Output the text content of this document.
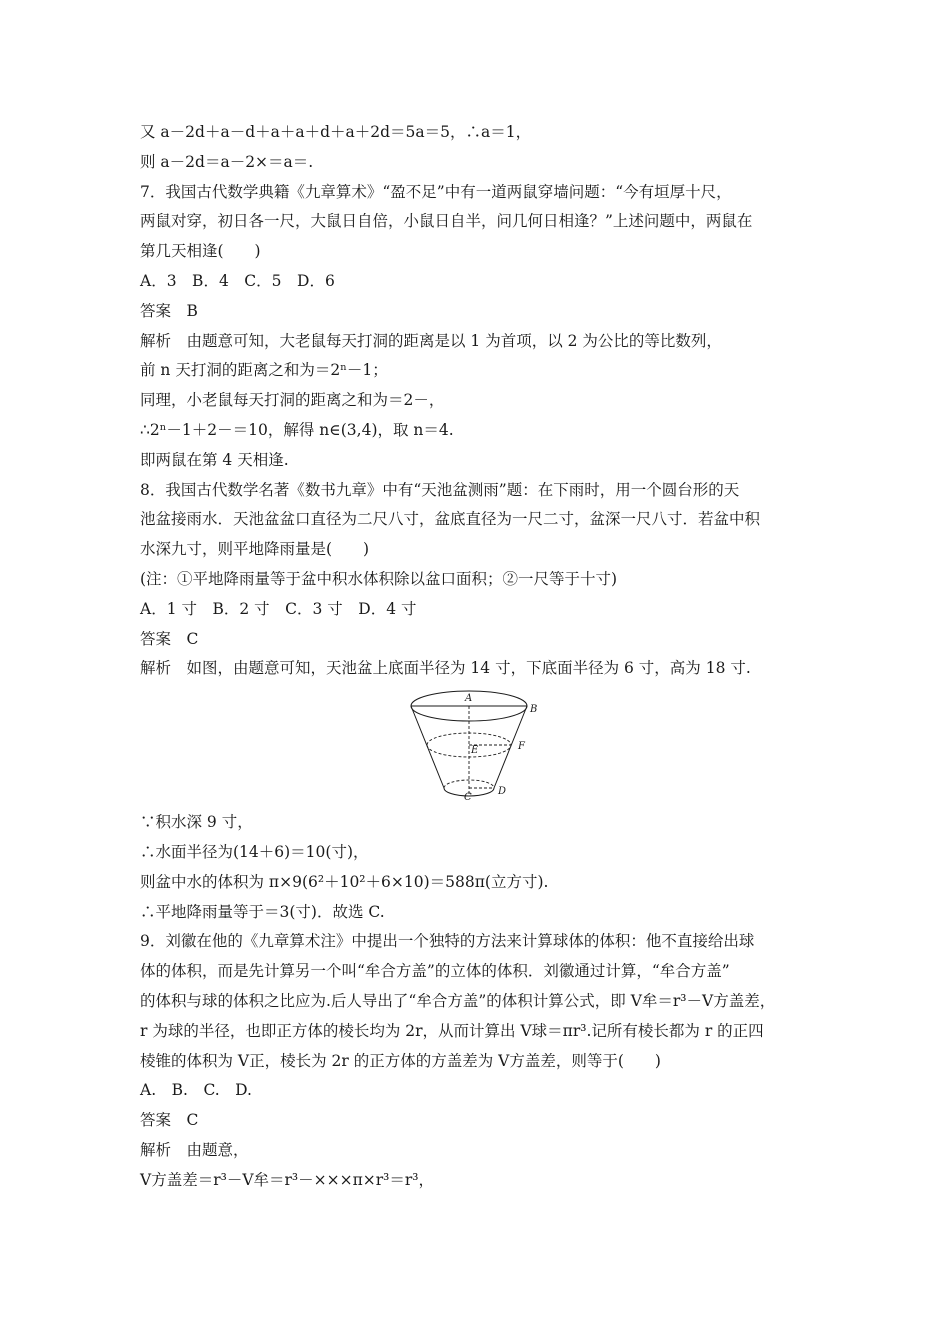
又 a－2d＋a－d＋a＋a＋d＋a＋2d＝5a＝5，∴a＝1，
则 a－2d＝a－2×＝a＝.
7．我国古代数学典籍《九章算术》“盈不足”中有一道两鼠穿墙问题：“今有垣厚十尺，
两鼠对穿，初日各一尺，大鼠日自倍，小鼠日自半，问几何日相逢？”上述问题中，两鼠在
第几天相逢(　　)
A．3　B．4　C．5　D．6
答案　B
解析　由题意可知，大老鼠每天打洞的距离是以 1 为首项，以 2 为公比的等比数列，
前 n 天打洞的距离之和为＝2ⁿ－1；
同理，小老鼠每天打洞的距离之和为＝2－，
∴2ⁿ－1＋2－＝10，解得 n∈(3,4)，取 n＝4.
即两鼠在第 4 天相逢.
8．我国古代数学名著《数书九章》中有“天池盆测雨”题：在下雨时，用一个圆台形的天
池盆接雨水．天池盆盆口直径为二尺八寸，盆底直径为一尺二寸，盆深一尺八寸．若盆中积
水深九寸，则平地降雨量是(　　)
(注：①平地降雨量等于盆中积水体积除以盆口面积；②一尺等于十寸)
A．1 寸　B．2 寸　C．3 寸　D．4 寸
答案　C
解析　如图，由题意可知，天池盆上底面半径为 14 寸，下底面半径为 6 寸，高为 18 寸.
A
B
E	F
C
D
∵积水深 9 寸，
∴水面半径为(14＋6)＝10(寸)，
则盆中水的体积为 π×9(6²＋10²＋6×10)＝588π(立方寸).
∴平地降雨量等于＝3(寸)．故选 C.
9．刘徽在他的《九章算术注》中提出一个独特的方法来计算球体的体积：他不直接给出球
体的体积，而是先计算另一个叫“牟合方盖”的立体的体积．刘徽通过计算，“牟合方盖”
的体积与球的体积之比应为.后人导出了“牟合方盖”的体积计算公式，即 V牟＝r³－V方盖差，
r 为球的半径，也即正方体的棱长均为 2r，从而计算出 V球＝πr³.记所有棱长都为 r 的正四
棱锥的体积为 V正，棱长为 2r 的正方体的方盖差为 V方盖差，则等于(　　)
A.　B.　C.　D.
答案　C
解析　由题意，
V方盖差＝r³－V牟＝r³－×××π×r³＝r³，
